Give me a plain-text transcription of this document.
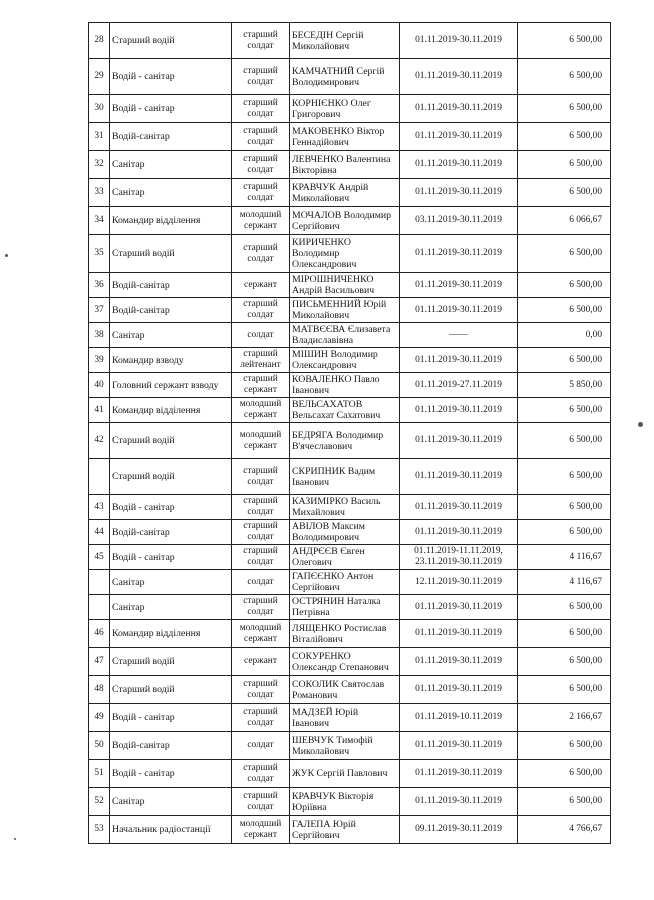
28	Старший водій	старший солдат	БЕСЕДІН Сергій Миколайович	01.11.2019-30.11.2019	6 500,00
29	Водій - санітар	старший солдат	КАМЧАТНИЙ Сергій Володимирович	01.11.2019-30.11.2019	6 500,00
30	Водій - санітар	старший солдат	КОРНІЄНКО Олег Григорович	01.11.2019-30.11.2019	6 500,00
31	Водій-санітар	старший солдат	МАКОВЕНКО Віктор Геннадійович	01.11.2019-30.11.2019	6 500,00
32	Санітар	старший солдат	ЛЕВЧЕНКО Валентина Вікторівна	01.11.2019-30.11.2019	6 500,00
33	Санітар	старший солдат	КРАВЧУК Андрій Миколайович	01.11.2019-30.11.2019	6 500,00
34	Командир відділення	молодший сержант	МОЧАЛОВ Володимир Сергійович	03.11.2019-30.11.2019	6 066,67
35	Старший водій	старший солдат	КИРИЧЕНКО Володимир Олександрович	01.11.2019-30.11.2019	6 500,00
36	Водій-санітар	сержант	МІРОШНИЧЕНКО Андрій Васильович	01.11.2019-30.11.2019	6 500,00
37	Водій-санітар	старший солдат	ПИСЬМЕННИЙ Юрій Миколайович	01.11.2019-30.11.2019	6 500,00
38	Санітар	солдат	МАТВЄЄВА Єлизавета Владиславівна	——	0,00
39	Командир взводу	старший лейтенант	МІШИН Володимир Олександрович	01.11.2019-30.11.2019	6 500,00
40	Головний сержант взводу	старший сержант	КОВАЛЕНКО Павло Іванович	01.11.2019-27.11.2019	5 850,00
41	Командир відділення	молодший сержант	ВЕЛЬСАХАТОВ Вельсахат Сахатович	01.11.2019-30.11.2019	6 500,00
42	Старший водій	молодший сержант	БЕДРЯГА Володимир В'ячеславович	01.11.2019-30.11.2019	6 500,00
	Старший водій	старший солдат	СКРИПНИК Вадим Іванович	01.11.2019-30.11.2019	6 500,00
43	Водій - санітар	старший солдат	КАЗИМІРКО Василь Михайлович	01.11.2019-30.11.2019	6 500,00
44	Водій-санітар	старший солдат	АВІЛОВ Максим Володимирович	01.11.2019-30.11.2019	6 500,00
45	Водій - санітар	старший солдат	АНДРЄЄВ Євген Олегович	01.11.2019-11.11.2019, 23.11.2019-30.11.2019	4 116,67
	Санітар	солдат	ГАПЄЄНКО Антон Сергійович	12.11.2019-30.11.2019	4 116,67
	Санітар	старший солдат	ОСТРЯНИН Наталка Петрівна	01.11.2019-30.11.2019	6 500,00
46	Командир відділення	молодший сержант	ЛЯЩЕНКО Ростислав Віталійович	01.11.2019-30.11.2019	6 500,00
47	Старший водій	сержант	СОКУРЕНКО Олександр Степанович	01.11.2019-30.11.2019	6 500,00
48	Старший водій	старший солдат	СОКОЛИК Святослав Романович	01.11.2019-30.11.2019	6 500,00
49	Водій - санітар	старший солдат	МАДЗЕЙ Юрій Іванович	01.11.2019-10.11.2019	2 166,67
50	Водій-санітар	солдат	ШЕВЧУК Тимофій Миколайович	01.11.2019-30.11.2019	6 500,00
51	Водій - санітар	старший солдат	ЖУК Сергій Павлович	01.11.2019-30.11.2019	6 500,00
52	Санітар	старший солдат	КРАВЧУК Вікторія Юріївна	01.11.2019-30.11.2019	6 500,00
53	Начальник радіостанції	молодший сержант	ГАЛЕПА Юрій Сергійович	09.11.2019-30.11.2019	4 766,67
